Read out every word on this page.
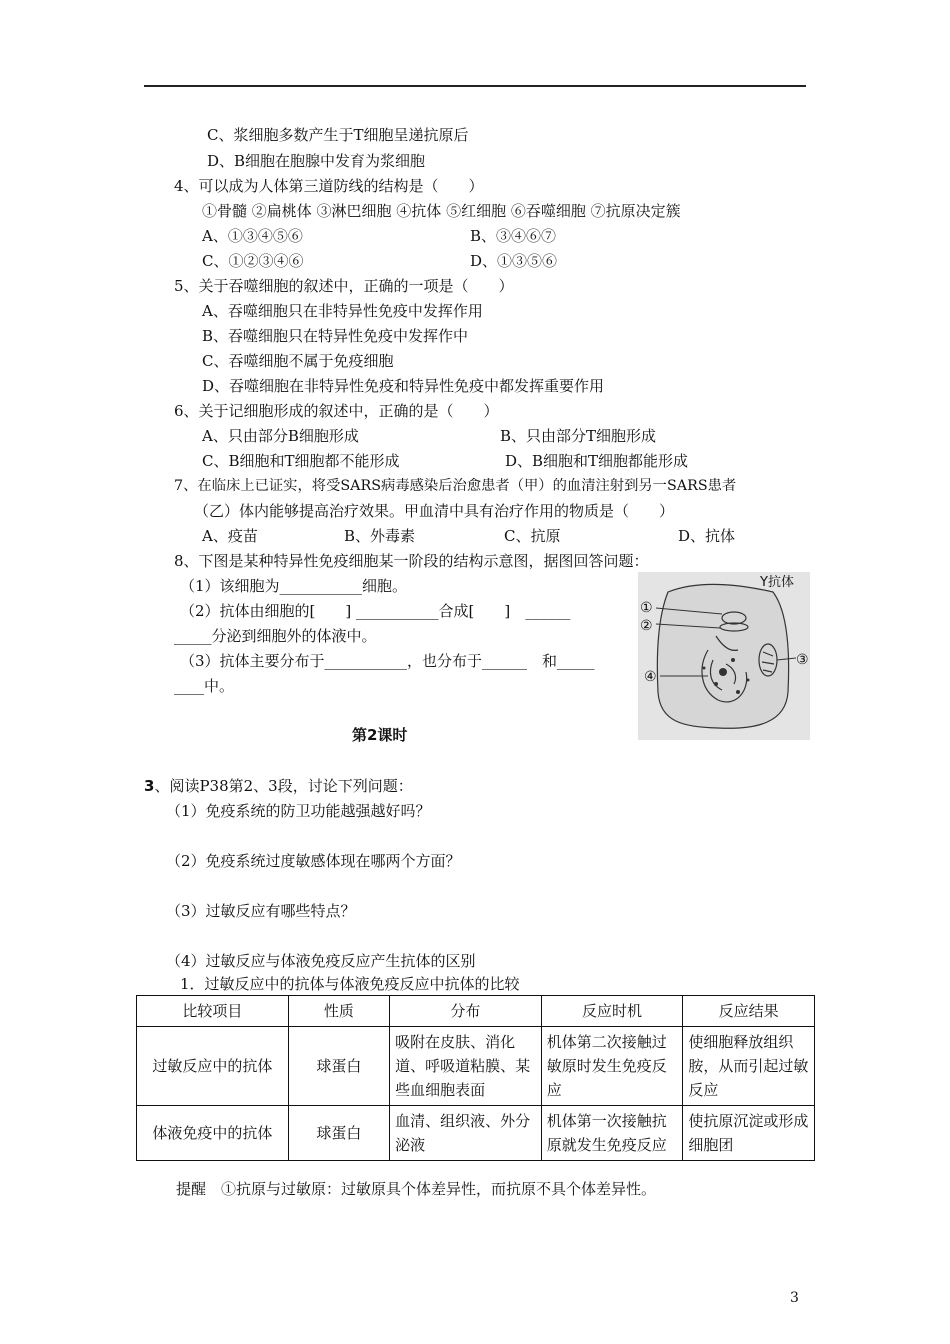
C、浆细胞多数产生于T细胞呈递抗原后
D、B细胞在胞腺中发育为浆细胞
4、可以成为人体第三道防线的结构是（　　）
①骨髓 ②扁桃体 ③淋巴细胞 ④抗体 ⑤红细胞 ⑥吞噬细胞 ⑦抗原决定簇
A、①③④⑤⑥	B、③④⑥⑦
C、①②③④⑥	D、①③⑤⑥
5、关于吞噬细胞的叙述中，正确的一项是（　　）
A、吞噬细胞只在非特异性免疫中发挥作用
B、吞噬细胞只在特异性免疫中发挥作中
C、吞噬细胞不属于免疫细胞
D、吞噬细胞在非特异性免疫和特异性免疫中都发挥重要作用
6、关于记细胞形成的叙述中，正确的是（　　）
A、只由部分B细胞形成	B、只由部分T细胞形成
C、B细胞和T细胞都不能形成	D、B细胞和T细胞都能形成
7、在临床上已证实，将受SARS病毒感染后治愈患者（甲）的血清注射到另一SARS患者
（乙）体内能够提高治疗效果。甲血清中具有治疗作用的物质是（　　）
A、疫苗	B、外毒素	C、抗原	D、抗体
8、下图是某种特异性免疫细胞某一阶段的结构示意图，据图回答问题：
（1）该细胞为___________细胞。
（2）抗体由细胞的[　　] ___________合成[　　]　______
_____分泌到细胞外的体液中。
（3）抗体主要分布于___________，也分布于______　和_____
____中。
Y抗体
①
②
③
④
第2课时
3、阅读P38第2、3段，讨论下列问题：
（1）免疫系统的防卫功能越强越好吗？
（2）免疫系统过度敏感体现在哪两个方面？
（3）过敏反应有哪些特点？
（4）过敏反应与体液免疫反应产生抗体的区别
1．过敏反应中的抗体与体液免疫反应中抗体的比较
比较项目	性质	分布	反应时机	反应结果
过敏反应中的抗体	球蛋白	吸附在皮肤、消化道、呼吸道粘膜、某些血细胞表面	机体第二次接触过敏原时发生免疫反应	使细胞释放组织胺，从而引起过敏反应
体液免疫中的抗体	球蛋白	血清、组织液、外分泌液	机体第一次接触抗原就发生免疫反应	使抗原沉淀或形成细胞团
提醒　①抗原与过敏原：过敏原具个体差异性，而抗原不具个体差异性。
3
